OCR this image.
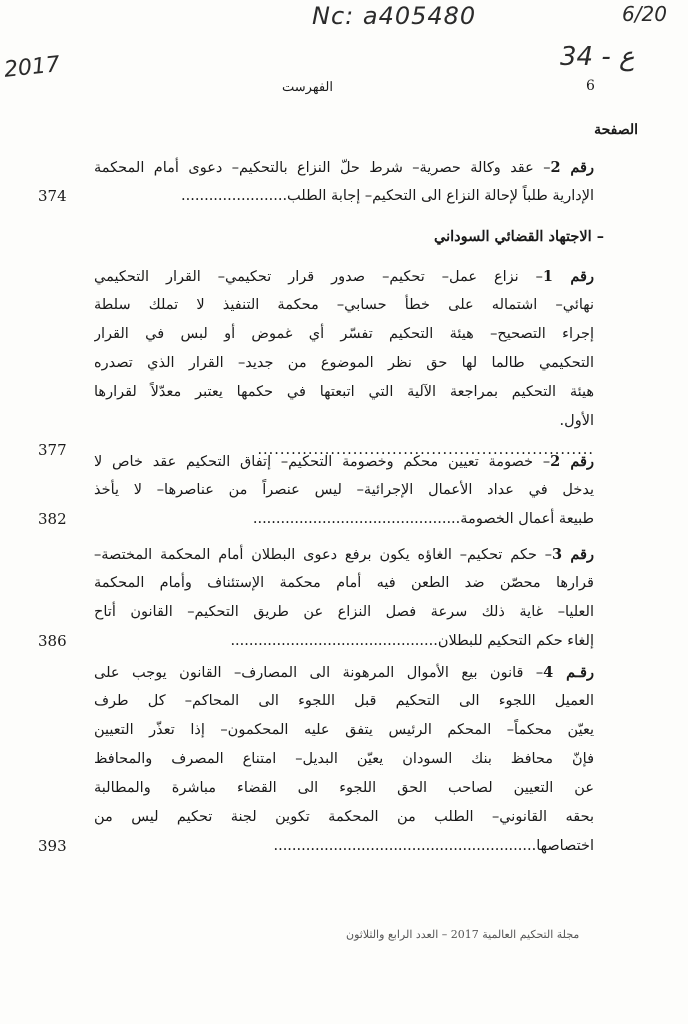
Nc: a405480	6/20
2017	34 - ع
الفهرست	6
الصفحة
رقم 2– عقد وكالة حصرية– شرط حلّ النزاع بالتحكيم– دعوى أمام المحكمة
الإدارية طلباً لإحالة النزاع الى التحكيم– إجابة الطلب.......................
374
– الاجتهاد القضائي السوداني
رقم 1– نزاع عمل– تحكيم– صدور قرار تحكيمي– القرار التحكيمي
نهائي– اشتماله على خطأ حسابي– محكمة التنفيذ لا تملك سلطة
إجراء التصحيح– هيئة التحكيم تفسّر أي غموض أو لبس في القرار
التحكيمي طالما لها حق نظر الموضوع من جديد– القرار الذي تصدره
هيئة التحكيم بمراجعة الآلية التي اتبعتها في حكمها يعتبر معدّلاً لقرارها
الأول.
............................................................
377
رقم 2– خصومة تعيين محكم وخصومة التحكيم– إتفاق التحكيم عقد خاص لا
يدخل في عداد الأعمال الإجرائية– ليس عنصراً من عناصرها– لا يأخذ
طبيعة أعمال الخصومة.............................................
382
رقم 3– حكم تحكيم– الغاؤه يكون برفع دعوى البطلان أمام المحكمة المختصة–
قرارها محصّن ضد الطعن فيه أمام محكمة الإستئناف وأمام المحكمة
العليا– غاية ذلك سرعة فصل النزاع عن طريق التحكيم– القانون أتاح
إلغاء حكم التحكيم للبطلان.............................................
386
رقـم 4– قانون بيع الأموال المرهونة الى المصارف– القانون يوجب على
العميل اللجوء الى التحكيم قبل اللجوء الى المحاكم– كل طرف
يعيّن محكماً– المحكم الرئيس يتفق عليه المحكمون– إذا تعذّر التعيين
فإنّ محافظ بنك السودان يعيّن البديل– امتناع المصرف والمحافظ
عن التعيين لصاحب الحق اللجوء الى القضاء مباشرة والمطالبة
بحقه القانوني– الطلب من المحكمة تكوين لجنة تحكيم ليس من
اختصاصها.........................................................
393
مجلة التحكيم العالمية 2017 – العدد الرابع والثلاثون
